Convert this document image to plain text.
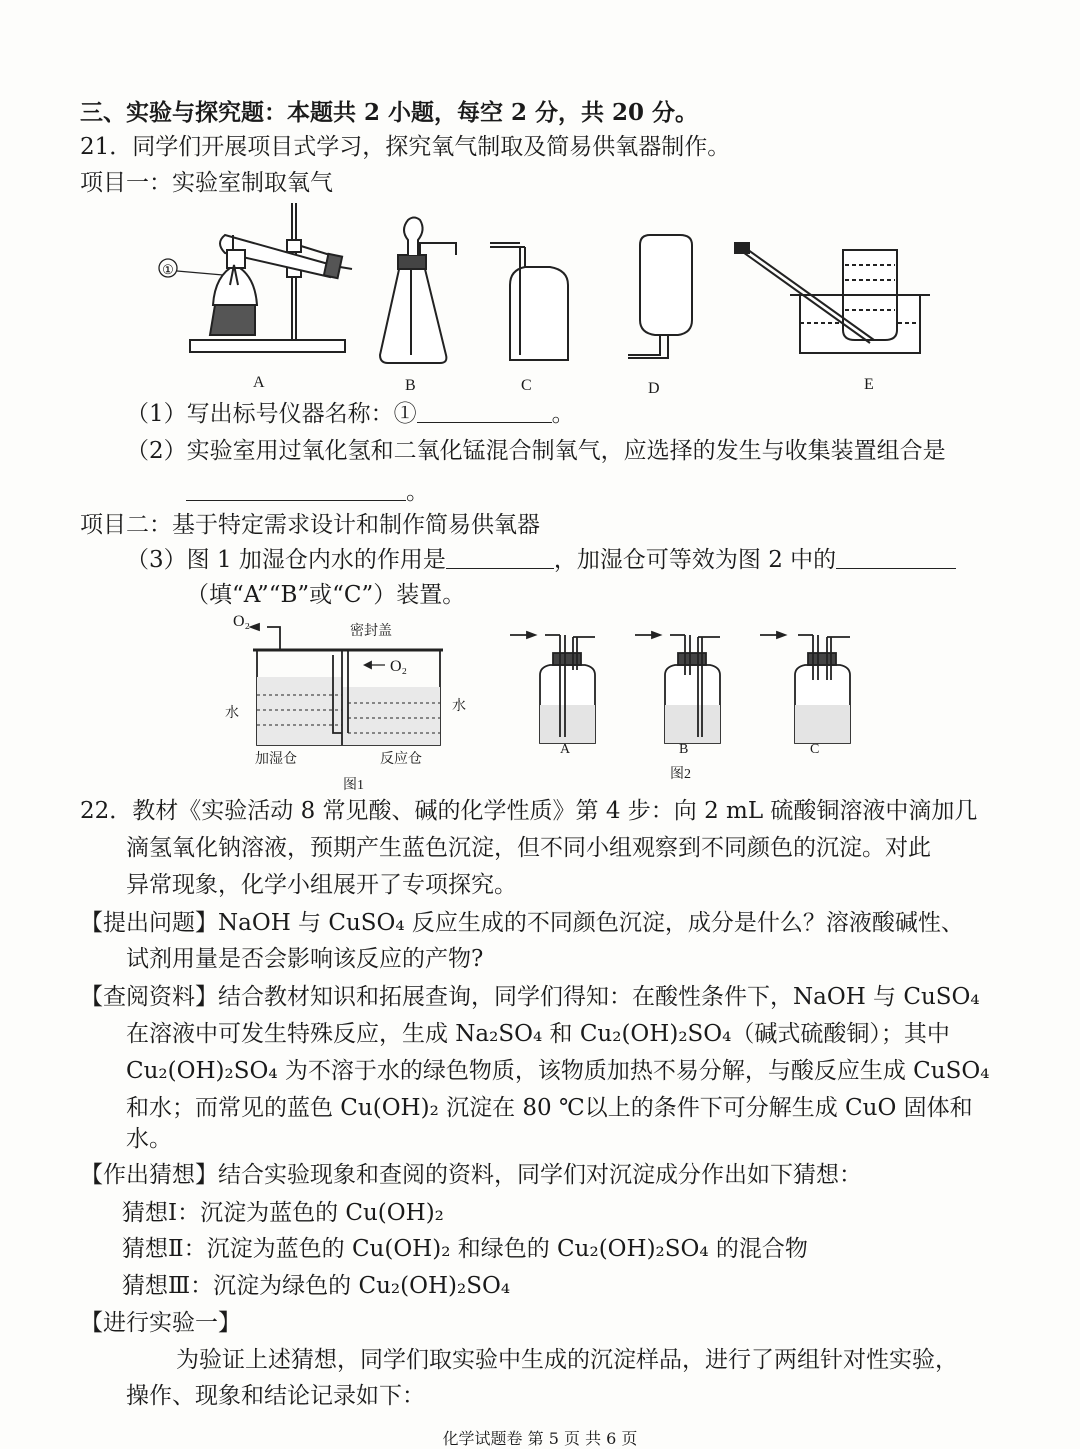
三、实验与探究题：本题共 2 小题，每空 2 分，共 20 分。
21．同学们开展项目式学习，探究氧气制取及简易供氧器制作。
项目一：实验室制取氧气
①
A	B	C	D	E
（1）写出标号仪器名称：①	。
（2）实验室用过氧化氢和二氧化锰混合制氧气，应选择的发生与收集装置组合是
。
项目二：基于特定需求设计和制作简易供氧器
（3）图 1 加湿仓内水的作用是	，加湿仓可等效为图 2 中的
（填“A”“B”或“C”）装置。
O₂
密封盖
O₂
水	水
加湿仓	反应仓
图1
A	B	C
图2
22．教材《实验活动 8 常见酸、碱的化学性质》第 4 步：向 2 mL 硫酸铜溶液中滴加几
滴氢氧化钠溶液，预期产生蓝色沉淀，但不同小组观察到不同颜色的沉淀。对此
异常现象，化学小组展开了专项探究。
【提出问题】NaOH 与 CuSO₄ 反应生成的不同颜色沉淀，成分是什么？溶液酸碱性、
试剂用量是否会影响该反应的产物?
【查阅资料】结合教材知识和拓展查询，同学们得知：在酸性条件下，NaOH 与 CuSO₄
在溶液中可发生特殊反应，生成 Na₂SO₄ 和 Cu₂(OH)₂SO₄（碱式硫酸铜）；其中
Cu₂(OH)₂SO₄ 为不溶于水的绿色物质，该物质加热不易分解，与酸反应生成 CuSO₄
和水；而常见的蓝色 Cu(OH)₂ 沉淀在 80 ℃以上的条件下可分解生成 CuO 固体和
水。
【作出猜想】结合实验现象和查阅的资料，同学们对沉淀成分作出如下猜想：
猜想Ⅰ：沉淀为蓝色的 Cu(OH)₂
猜想Ⅱ：沉淀为蓝色的 Cu(OH)₂ 和绿色的 Cu₂(OH)₂SO₄ 的混合物
猜想Ⅲ：沉淀为绿色的 Cu₂(OH)₂SO₄
【进行实验一】
为验证上述猜想，同学们取实验中生成的沉淀样品，进行了两组针对性实验，
操作、现象和结论记录如下：
化学试题卷 第 5 页 共 6 页
